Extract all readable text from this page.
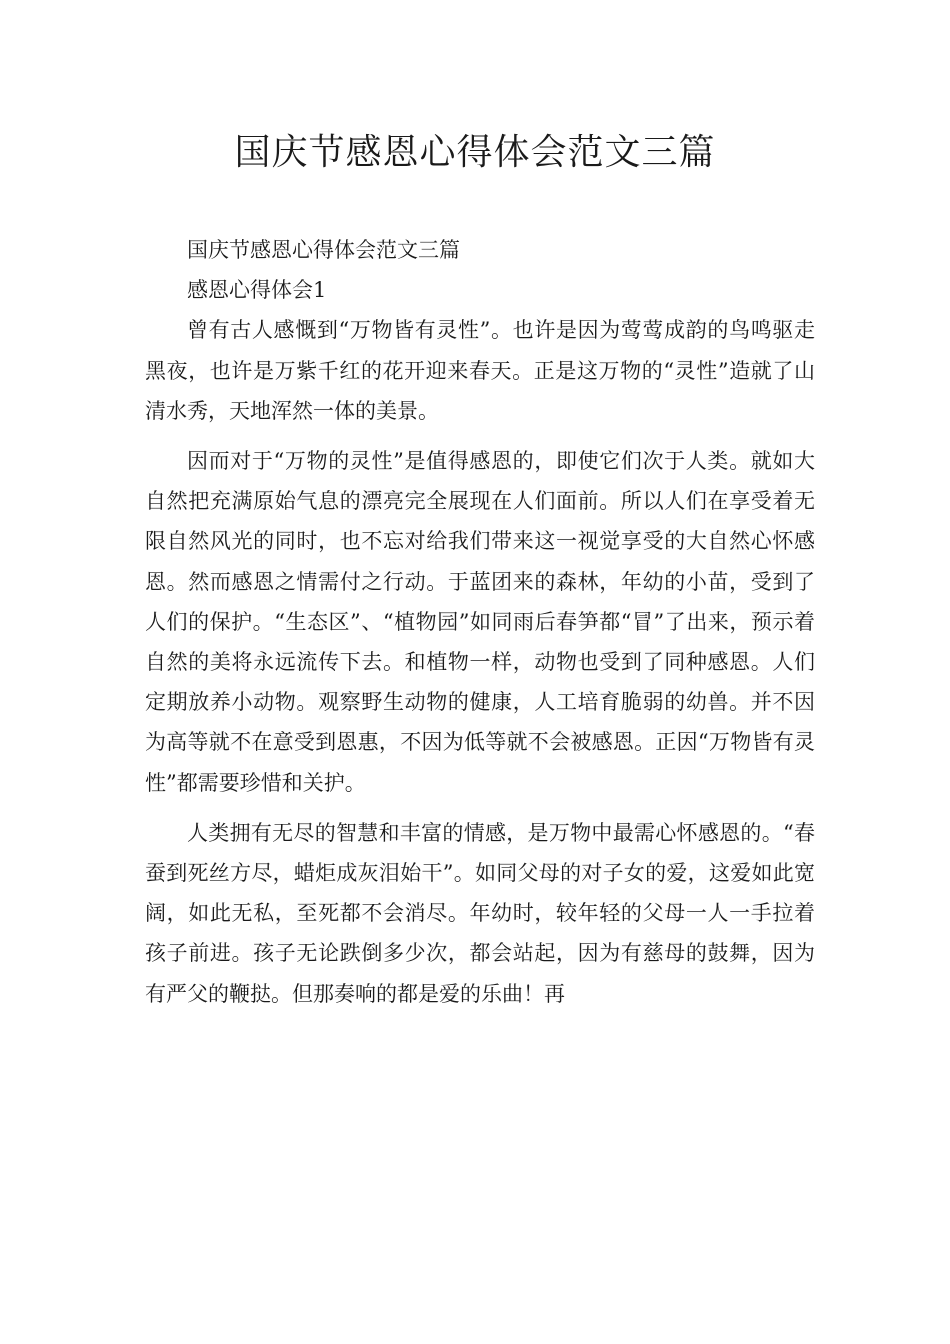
国庆节感恩心得体会范文三篇

国庆节感恩心得体会范文三篇

感恩心得体会1

曾有古人感慨到“万物皆有灵性”。也许是因为莺莺成韵的鸟鸣驱走黑夜，也许是万紫千红的花开迎来春天。正是这万物的“灵性”造就了山清水秀，天地浑然一体的美景。

因而对于“万物的灵性”是值得感恩的，即使它们次于人类。就如大自然把充满原始气息的漂亮完全展现在人们面前。所以人们在享受着无限自然风光的同时，也不忘对给我们带来这一视觉享受的大自然心怀感恩。然而感恩之情需付之行动。于蓝团来的森林，年幼的小苗，受到了人们的保护。“生态区”、“植物园”如同雨后春笋都“冒”了出来，预示着自然的美将永远流传下去。和植物一样，动物也受到了同种感恩。人们定期放养小动物。观察野生动物的健康，人工培育脆弱的幼兽。并不因为高等就不在意受到恩惠，不因为低等就不会被感恩。正因“万物皆有灵性”都需要珍惜和关护。

人类拥有无尽的智慧和丰富的情感，是万物中最需心怀感恩的。“春蚕到死丝方尽，蜡炬成灰泪始干”。如同父母的对子女的爱，这爱如此宽阔，如此无私，至死都不会消尽。年幼时，较年轻的父母一人一手拉着孩子前进。孩子无论跌倒多少次，都会站起，因为有慈母的鼓舞，因为有严父的鞭挞。但那奏响的都是爱的乐曲！再
